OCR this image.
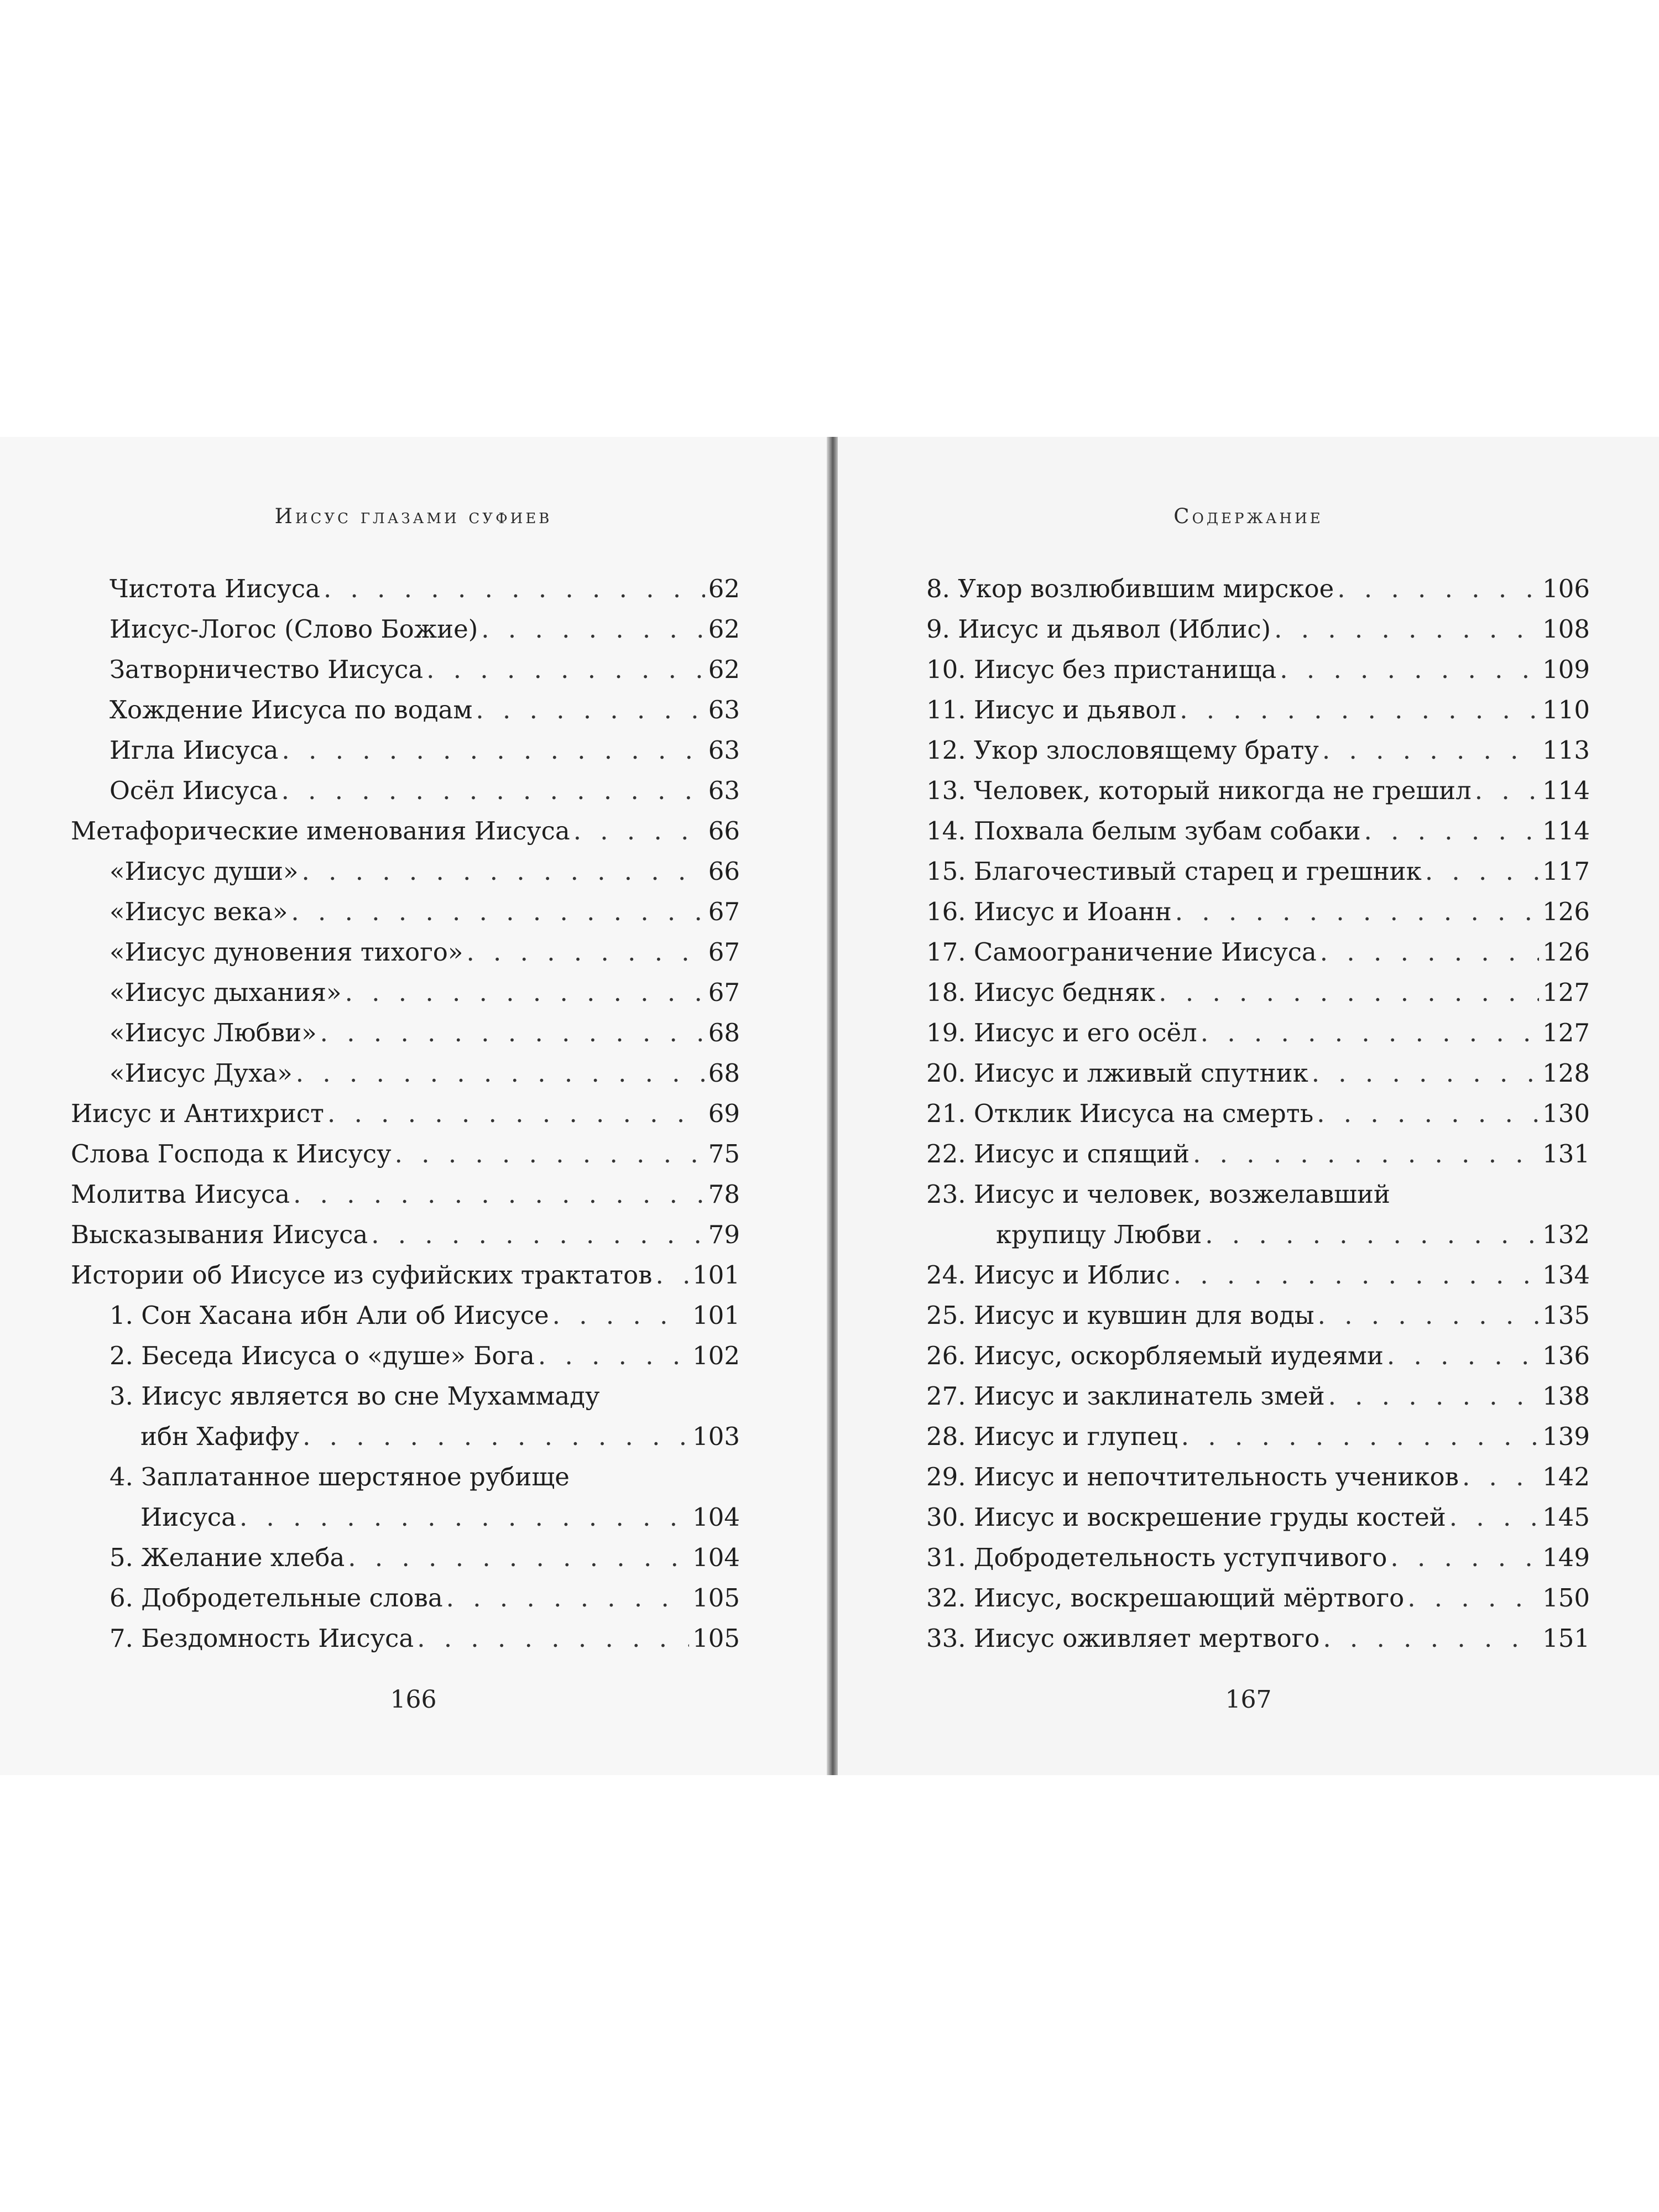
Иисус глазами суфиев
Чистота Иисуса . . .	62
Иисус-Логос (Слово Божие) . . .	62
Затворничество Иисуса . . .	62
Хождение Иисуса по водам . . .	63
Игла Иисуса . . .	63
Осёл Иисуса . . .	63
Метафорические именования Иисуса . . .	66
«Иисус души» . . .	66
«Иисус века» . . .	67
«Иисус дуновения тихого» . . .	67
«Иисус дыхания» . . .	67
«Иисус Любви» . . .	68
«Иисус Духа» . . .	68
Иисус и Антихрист . . .	69
Слова Господа к Иисусу . . .	75
Молитва Иисуса . . .	78
Высказывания Иисуса . . .	79
Истории об Иисусе из суфийских трактатов . . . 101
1. Сон Хасана ибн Али об Иисусе . . .	101
2. Беседа Иисуса о «душе» Бога . . .	102
3. Иисус является во сне Мухаммаду
ибн Хафифу . . .	103
4. Заплатанное шерстяное рубище
Иисуса . . .	104
5. Желание хлеба . . .	104
6. Добродетельные слова . . .	105
7. Бездомность Иисуса . . .	105
166
Содержание
8. Укор возлюбившим мирское . . .	106
9. Иисус и дьявол (Иблис) . . .	108
10. Иисус без пристанища . . .	109
11. Иисус и дьявол . . .	110
12. Укор злословящему брату . . .	113
13. Человек, который никогда не грешил . . .	114
14. Похвала белым зубам собаки . . .	114
15. Благочестивый старец и грешник . . .	117
16. Иисус и Иоанн . . .	126
17. Самоограничение Иисуса . . .	126
18. Иисус бедняк . . .	127
19. Иисус и его осёл . . .	127
20. Иисус и лживый спутник . . .	128
21. Отклик Иисуса на смерть . . .	130
22. Иисус и спящий . . .	131
23. Иисус и человек, возжелавший
крупицу Любви . . .	132
24. Иисус и Иблис . . .	134
25. Иисус и кувшин для воды . . .	135
26. Иисус, оскорбляемый иудеями . . .	136
27. Иисус и заклинатель змей . . .	138
28. Иисус и глупец . . .	139
29. Иисус и непочтительность учеников . . .	142
30. Иисус и воскрешение груды костей . . .	145
31. Добродетельность уступчивого . . .	149
32. Иисус, воскрешающий мёртвого . . .	150
33. Иисус оживляет мертвого . . .	151
167
